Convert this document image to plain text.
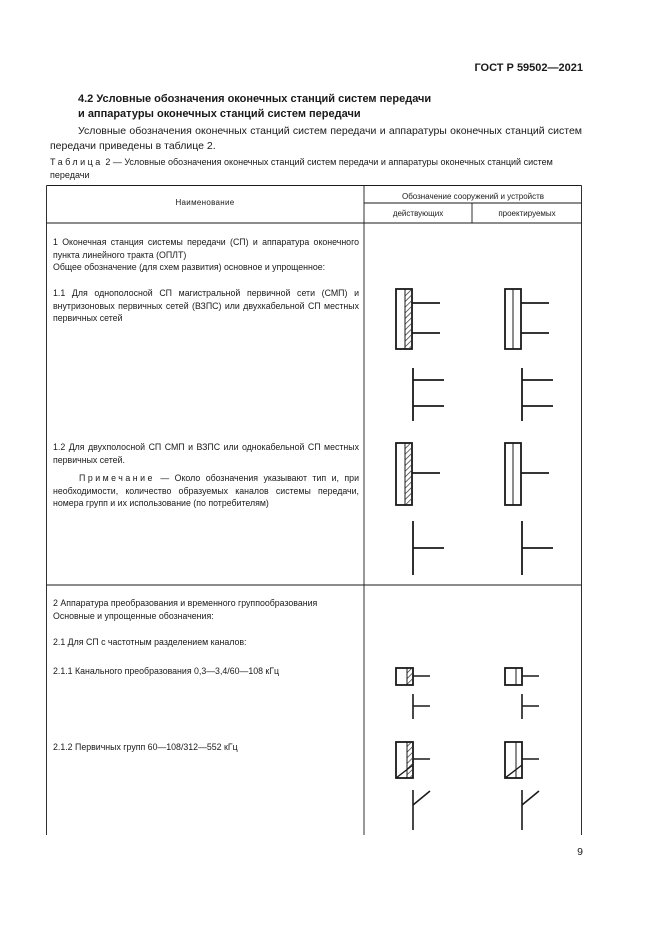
ГОСТ Р 59502—2021
4.2 Условные обозначения оконечных станций систем передачи
и аппаратуры оконечных станций систем передачи
Условные обозначения оконечных станций систем передачи и аппаратуры оконечных станций систем передачи приведены в таблице 2.
Таблица 2 — Условные обозначения оконечных станций систем передачи и аппаратуры оконечных станций систем передачи
Наименование
Обозначение сооружений и устройств
действующих	проектируемых
1 Оконечная станция системы передачи (СП) и аппаратура оконечного пункта линейного тракта (ОПЛТ)
Общее обозначение (для схем развития) основное и упрощенное:
1.1 Для однополосной СП магистральной первичной сети (СМП) и внутризоновых первичных сетей (ВЗПС) или двухкабельной СП местных первичных сетей
1.2 Для двухполосной СП СМП и ВЗПС или однокабельной СП местных первичных сетей.
Примечание — Около обозначения указывают тип и, при необходимости, количество образуемых каналов системы передачи, номера групп и их использование (по потребителям)
2 Аппаратура преобразования и временного группообразования
Основные и упрощенные обозначения:
2.1 Для СП с частотным разделением каналов:
2.1.1 Канального преобразования 0,3—3,4/60—108 кГц
2.1.2 Первичных групп 60—108/312—552 кГц
9
